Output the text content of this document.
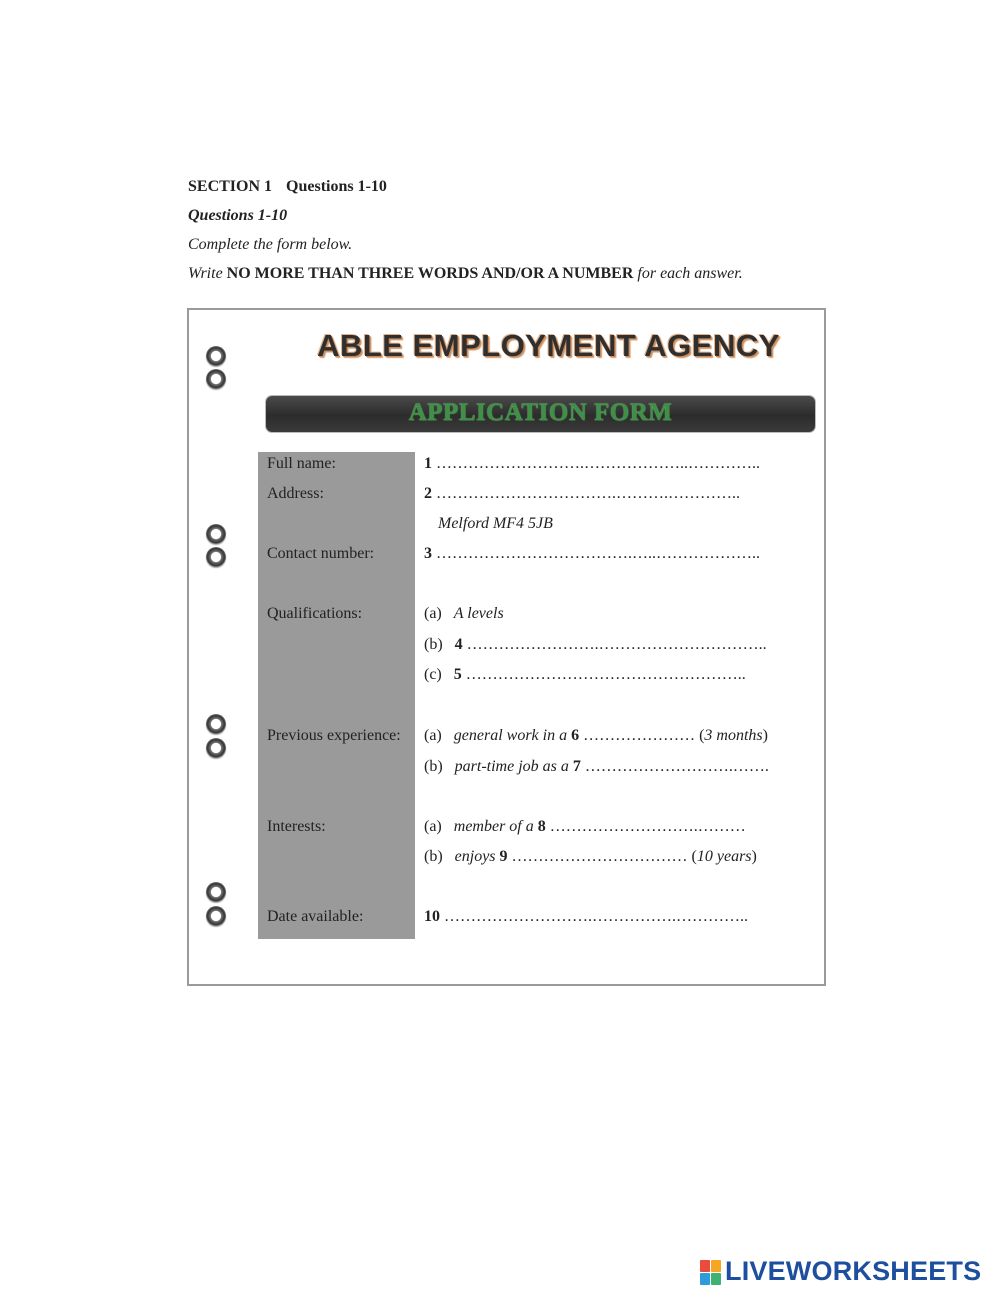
SECTION 1 Questions 1-10
Questions 1-10
Complete the form below.
Write NO MORE THAN THREE WORDS AND/OR A NUMBER for each answer.
ABLE EMPLOYMENT AGENCY
APPLICATION FORM
Full name:
Address:
Contact number:
Qualifications:
Previous experience:
Interests:
Date available:
1 ……………………….………………..…………..
2 …………………………….……….…………..
Melford MF4 5JB
3 ……………………………….…..………………..
(a) A levels
(b) 4 …………………….…………………………..
(c) 5 ……………………………………………..
(a) general work in a 6 ………………… (3 months)
(b) part-time job as a 7 ……………………….…….
(a) member of a 8 ……………………….………
(b) enjoys 9 …………………………… (10 years)
10 ……………………….…………….…………..
LIVEWORKSHEETS
